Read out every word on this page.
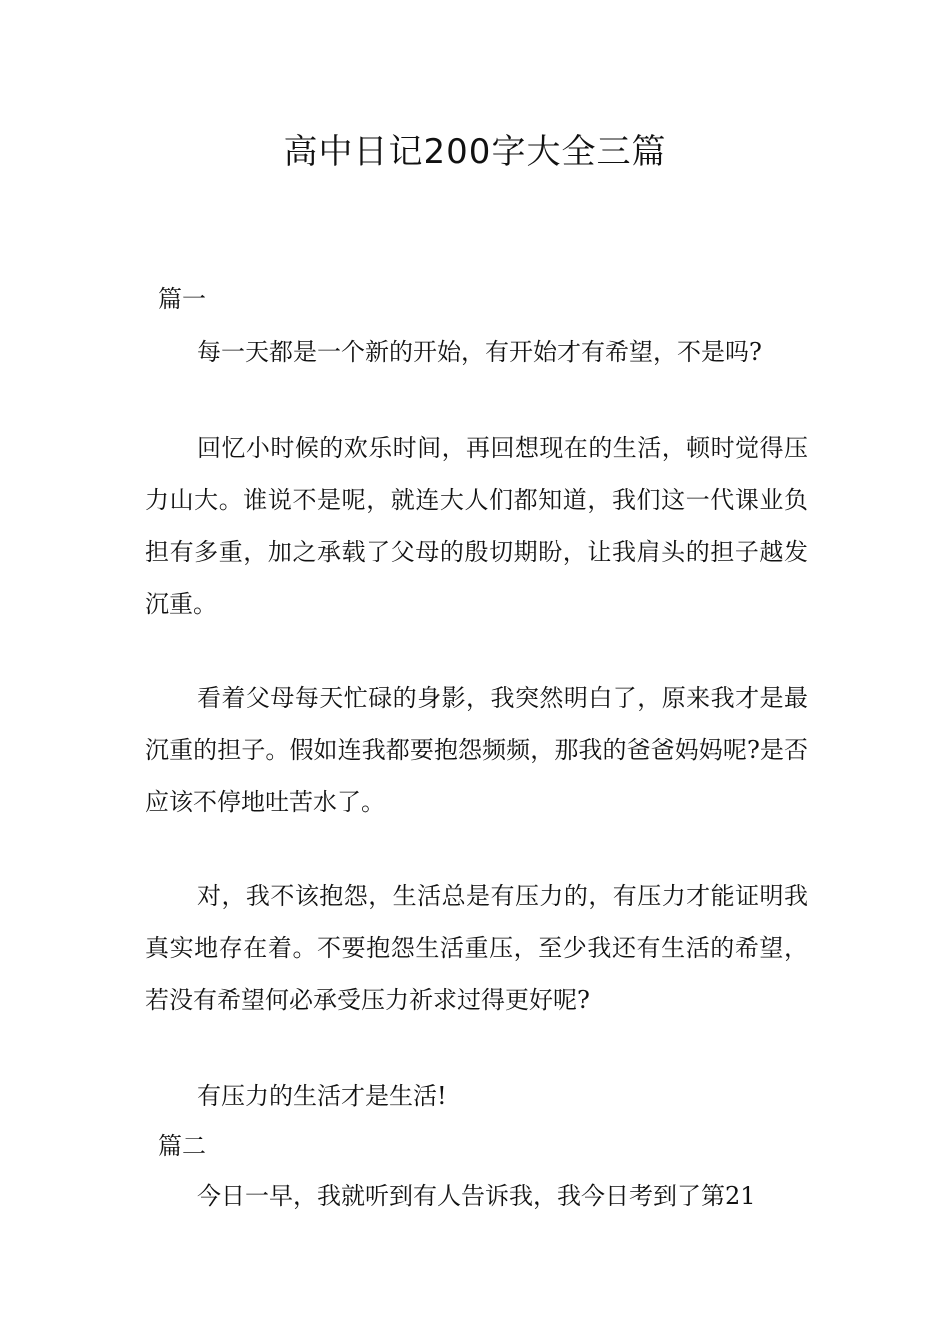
高中日记200字大全三篇
篇一
每一天都是一个新的开始，有开始才有希望，不是吗?
回忆小时候的欢乐时间，再回想现在的生活，顿时觉得压力山大。谁说不是呢，就连大人们都知道，我们这一代课业负担有多重，加之承载了父母的殷切期盼，让我肩头的担子越发沉重。
看着父母每天忙碌的身影，我突然明白了，原来我才是最沉重的担子。假如连我都要抱怨频频，那我的爸爸妈妈呢?是否应该不停地吐苦水了。
对，我不该抱怨，生活总是有压力的，有压力才能证明我真实地存在着。不要抱怨生活重压，至少我还有生活的希望，若没有希望何必承受压力祈求过得更好呢?
有压力的生活才是生活!
篇二
今日一早，我就听到有人告诉我，我今日考到了第21
